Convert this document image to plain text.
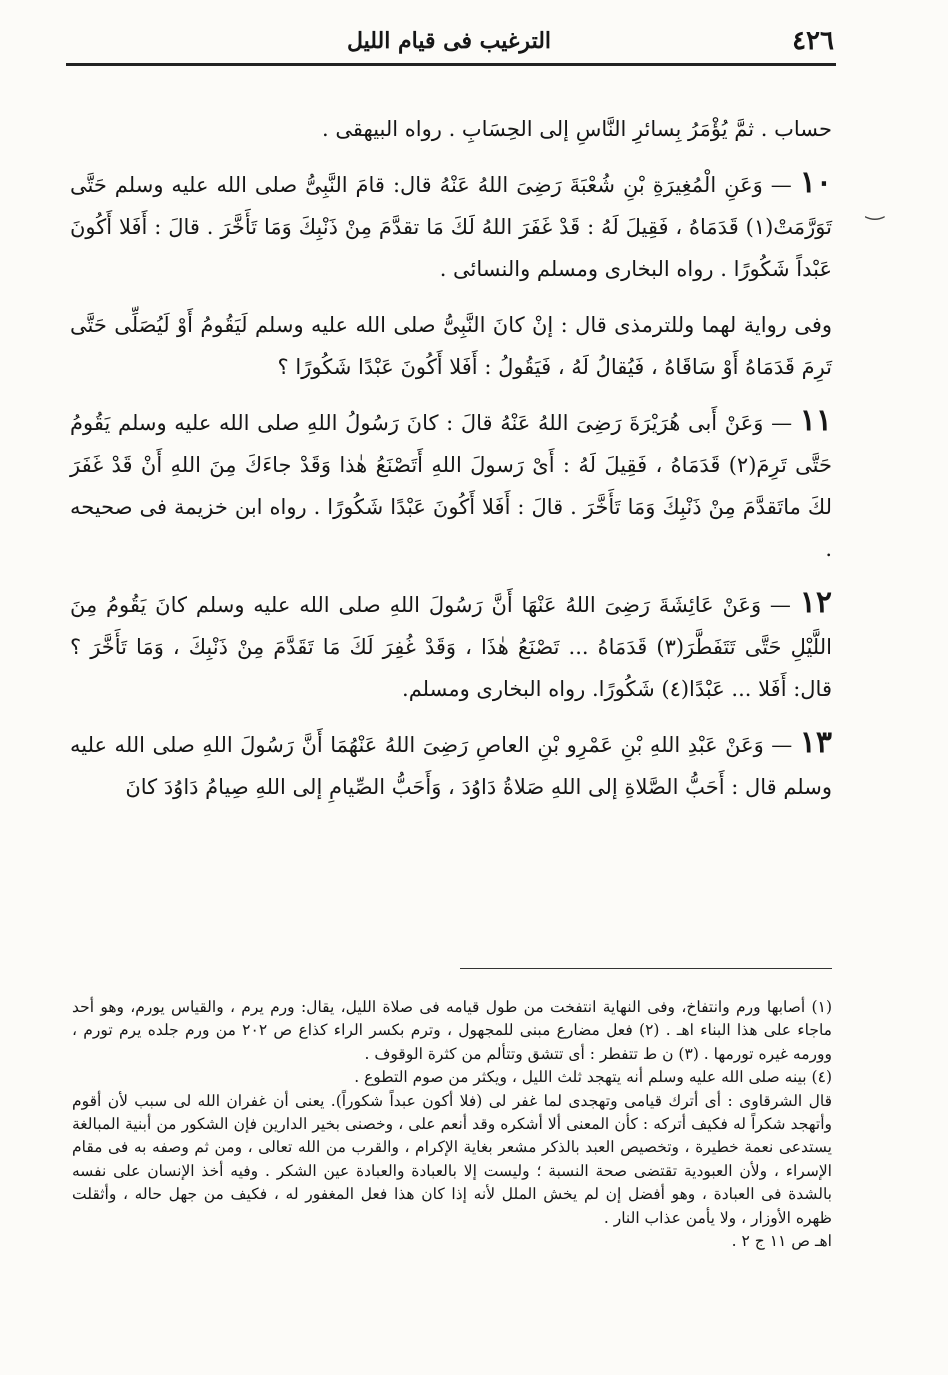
٤٢٦
الترغيب فى قيام الليل
‿

حساب . ثمَّ يُؤْمَرُ بِسائرِ النَّاسِ إلى الحِسَابِ . رواه البيهقى .

١٠ — وَعَنِ الْمُغِيرَةِ بْنِ شُعْبَةَ رَضِىَ اللهُ عَنْهُ قال: قامَ النَّبِىُّ صلى الله عليه وسلم حَتَّى تَوَرَّمَتْ(١) قَدَمَاهُ ، فَقِيلَ لَهُ : قَدْ غَفَرَ اللهُ لَكَ مَا تقدَّمَ مِنْ ذَنْبِكَ وَمَا تَأَخَّرَ . قالَ : أَفَلا أَكُونَ عَبْداً شَكُورًا . رواه البخارى ومسلم والنسائى .

وفى رواية لهما وللترمذى قال : إنْ كانَ النَّبِىُّ صلى الله عليه وسلم لَيَقُومُ أَوْ لَيُصَلِّى حَتَّى تَرِمَ قَدَمَاهُ أَوْ سَاقَاهُ ، فَيُقالُ لَهُ ، فَيَقُولُ : أَفَلا أَكُونَ عَبْدًا شَكُورًا ؟

١١ — وَعَنْ أَبى هُرَيْرَةَ رَضِىَ اللهُ عَنْهُ قالَ : كانَ رَسُولُ اللهِ صلى الله عليه وسلم يَقُومُ حَتَّى تَرِمَ(٢) قَدَمَاهُ ، فَقِيلَ لَهُ : أَىْ رَسولَ اللهِ أَتَصْنَعُ هٰذا وَقَدْ جاءَكَ مِنَ اللهِ أَنْ قَدْ غَفَرَ لكَ ماتَقدَّمَ مِنْ ذَنْبِكَ وَمَا تَأَخَّرَ . قالَ : أَفَلا أَكُونَ عَبْدًا شَكُورًا . رواه ابن خزيمة فى صحيحه .

١٢ — وَعَنْ عَائِشَةَ رَضِىَ اللهُ عَنْهَا أَنَّ رَسُولَ اللهِ صلى الله عليه وسلم كانَ يَقُومُ مِنَ اللَّيْلِ حَتَّى تَتَفَطَّرَ(٣) قَدَمَاهُ ... تَصْنَعُ هٰذَا ، وَقَدْ غُفِرَ لَكَ مَا تَقَدَّمَ مِنْ ذَنْبِكَ ، وَمَا تَأَخَّرَ ؟ قال: أَفَلا ... عَبْدًا(٤) شَكُورًا. رواه البخارى ومسلم.

١٣ — وَعَنْ عَبْدِ اللهِ بْنِ عَمْرِو بْنِ العاصِ رَضِىَ اللهُ عَنْهُمَا أَنَّ رَسُولَ اللهِ صلى الله عليه وسلم قال : أَحَبُّ الصَّلاةِ إلى اللهِ صَلاةُ دَاوُدَ ، وَأَحَبُّ الصِّيامِ إلى اللهِ صِيامُ دَاوُدَ كانَ

(١) أصابها ورم وانتفاخ، وفى النهاية انتفخت من طول قيامه فى صلاة الليل، يقال: ورم يرم ، والقياس يورم، وهو أحد ماجاء على هذا البناء اهـ . (٢) فعل مضارع مبنى للمجهول ، وترم بكسر الراء كذاع ص ٢٠٢ من ورم جلده يرم تورم ، وورمه غيره تورمها . (٣) ن ط تتفطر : أى تتشق وتتألم من كثرة الوقوف .

(٤) بينه صلى الله عليه وسلم أنه يتهجد ثلث الليل ، ويكثر من صوم التطوع .

قال الشرقاوى : أى أترك قيامى وتهجدى لما غفر لى (فلا أكون عبداً شكوراً). يعنى أن غفران الله لى سبب لأن أقوم وأتهجد شكراً له فكيف أتركه : كأن المعنى ألا أشكره وقد أنعم على ، وخصنى بخير الدارين فإن الشكور من أبنية المبالغة يستدعى نعمة خطيرة ، وتخصيص العبد بالذكر مشعر بغاية الإكرام ، والقرب من الله تعالى ، ومن ثم وصفه به فى مقام الإسراء ، ولأن العبودية تقتضى صحة النسبة ؛ وليست إلا بالعبادة والعبادة عين الشكر . وفيه أخذ الإنسان على نفسه بالشدة فى العبادة ، وهو أفضل إن لم يخش الملل لأنه إذا كان هذا فعل المغفور له ، فكيف من جهل حاله ، وأثقلت ظهره الأوزار ، ولا يأمن عذاب النار .

اهـ ص ١١ ج ٢ .
